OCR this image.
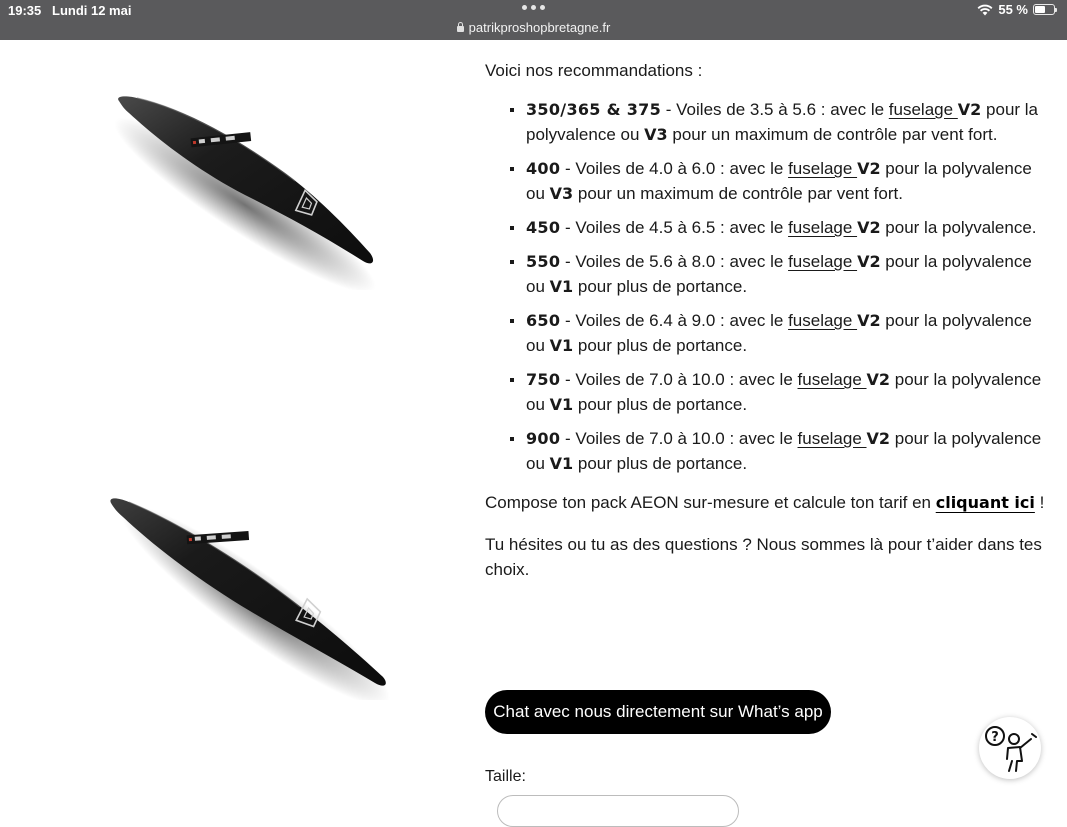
19:35 Lundi 12 mai
patrikproshopbretagne.fr
55 %

Voici nos recommandations :

350/365 & 375 - Voiles de 3.5 à 5.6 : avec le fuselage V2 pour la polyvalence ou V3 pour un maximum de contrôle par vent fort.
400 - Voiles de 4.0 à 6.0 : avec le fuselage V2 pour la polyvalence ou V3 pour un maximum de contrôle par vent fort.
450 - Voiles de 4.5 à 6.5 : avec le fuselage V2 pour la polyvalence.
550 - Voiles de 5.6 à 8.0 : avec le fuselage V2 pour la polyvalence ou V1 pour plus de portance.
650 - Voiles de 6.4 à 9.0 : avec le fuselage V2 pour la polyvalence ou V1 pour plus de portance.
750 - Voiles de 7.0 à 10.0 : avec le fuselage V2 pour la polyvalence ou V1 pour plus de portance.
900 - Voiles de 7.0 à 10.0 : avec le fuselage V2 pour la polyvalence ou V1 pour plus de portance.

Compose ton pack AEON sur-mesure et calcule ton tarif en cliquant ici !

Tu hésites ou tu as des questions ? Nous sommes là pour t’aider dans tes choix.

Chat avec nous directement sur What’s app
Taille:
?
